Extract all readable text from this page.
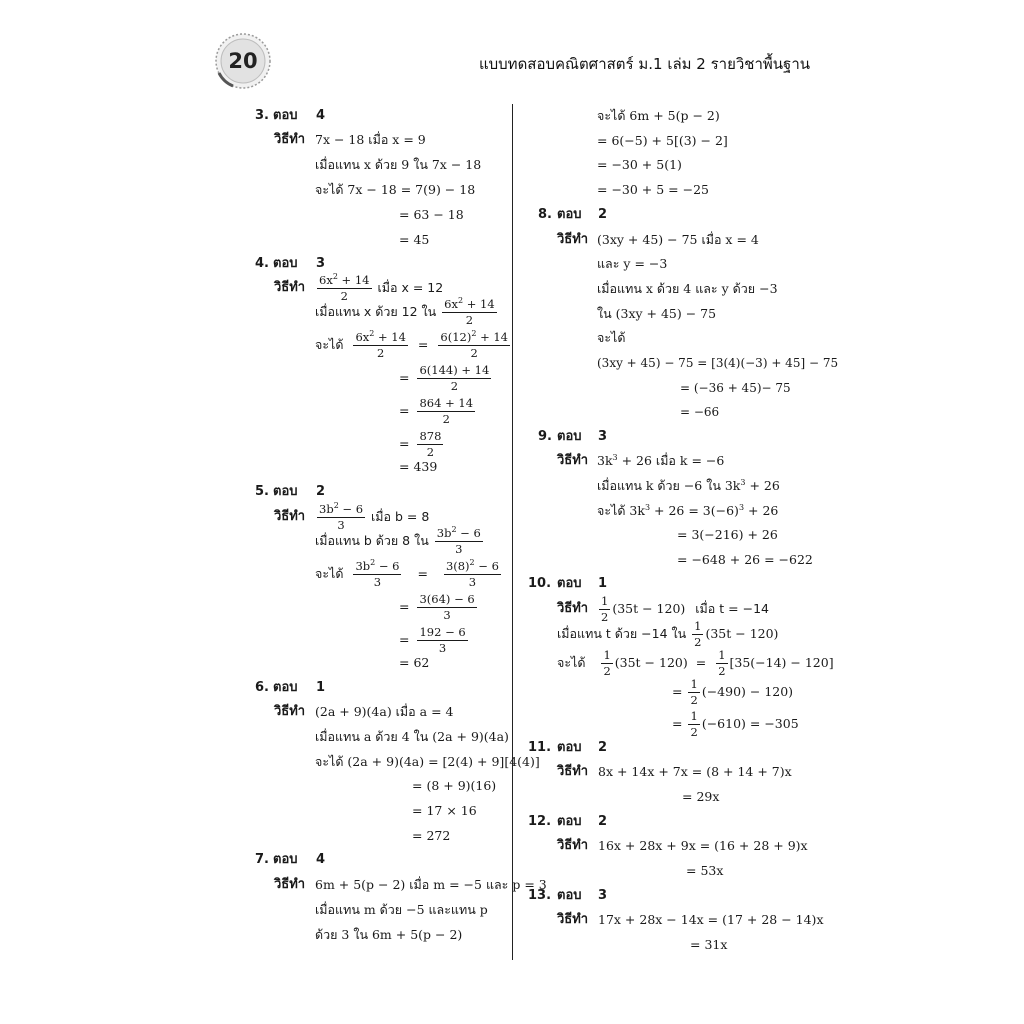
20	แบบทดสอบคณิตศาสตร์ ม.1 เล่ม 2 รายวิชาพื้นฐาน
3. ตอบ 4
วิธีทำ 7x − 18 เมื่อ x = 9
เมื่อแทน x ด้วย 9 ใน 7x − 18
จะได้ 7x − 18 = 7(9) − 18
= 63 − 18
= 45
4. ตอบ 3
วิธีทำ $\frac{6x^2 + 14}{2}$ เมื่อ x = 12
เมื่อแทน x ด้วย 12 ใน $\frac{6x^2 + 14}{2}$
จะได้ $\frac{6x^2 + 14}{2} = \frac{6(12)^2 + 14}{2}$
= $\frac{6(144) + 14}{2}$
= $\frac{864 + 14}{2}$
= $\frac{878}{2}$
= 439
5. ตอบ 2
วิธีทำ $\frac{3b^2 - 6}{3}$ เมื่อ b = 8
เมื่อแทน b ด้วย 8 ใน $\frac{3b^2 - 6}{3}$
จะได้ $\frac{3b^2 - 6}{3} = \frac{3(8)^2 - 6}{3}$
= $\frac{3(64) - 6}{3}$
= $\frac{192 - 6}{3}$
= 62
6. ตอบ 1
วิธีทำ (2a + 9)(4a) เมื่อ a = 4
เมื่อแทน a ด้วย 4 ใน (2a + 9)(4a)
จะได้ (2a + 9)(4a) = [2(4) + 9][4(4)]
= (8 + 9)(16)
= 17 × 16
= 272
7. ตอบ 4
วิธีทำ 6m + 5(p − 2) เมื่อ m = −5 และ p = 3
เมื่อแทน m ด้วย −5 และแทน p
ด้วย 3 ใน 6m + 5(p − 2)
จะได้ 6m + 5(p − 2)
= 6(−5) + 5[(3) − 2]
= −30 + 5(1)
= −30 + 5 = −25
8. ตอบ 2
วิธีทำ (3xy + 45) − 75 เมื่อ x = 4
และ y = −3
เมื่อแทน x ด้วย 4 และ y ด้วย −3
ใน (3xy + 45) − 75
จะได้
(3xy + 45) − 75 = [3(4)(−3) + 45] − 75
= (−36 + 45)− 75
= −66
9. ตอบ 3
วิธีทำ $3k^3 + 26$ เมื่อ k = −6
เมื่อแทน k ด้วย −6 ใน $3k^3 + 26$
จะได้ $3k^3 + 26 = 3(-6)^3 + 26$
= 3(−216) + 26
= −648 + 26 = −622
10. ตอบ 1
วิธีทำ $\frac{1}{2} (35t - 120)$ เมื่อ t = −14
เมื่อแทน t ด้วย −14 ใน $\frac{1}{2} (35t - 120)$
จะได้ $\frac{1}{2} (35t - 120) = \frac{1}{2} [35(-14) - 120]$
= $\frac{1}{2} (-490) - 120$)
= $\frac{1}{2} (-610) = -305$
11. ตอบ 2
วิธีทำ 8x + 14x + 7x = (8 + 14 + 7)x
= 29x
12. ตอบ 2
วิธีทำ 16x + 28x + 9x = (16 + 28 + 9)x
= 53x
13. ตอบ 3
วิธีทำ 17x + 28x − 14x = (17 + 28 − 14)x
= 31x
